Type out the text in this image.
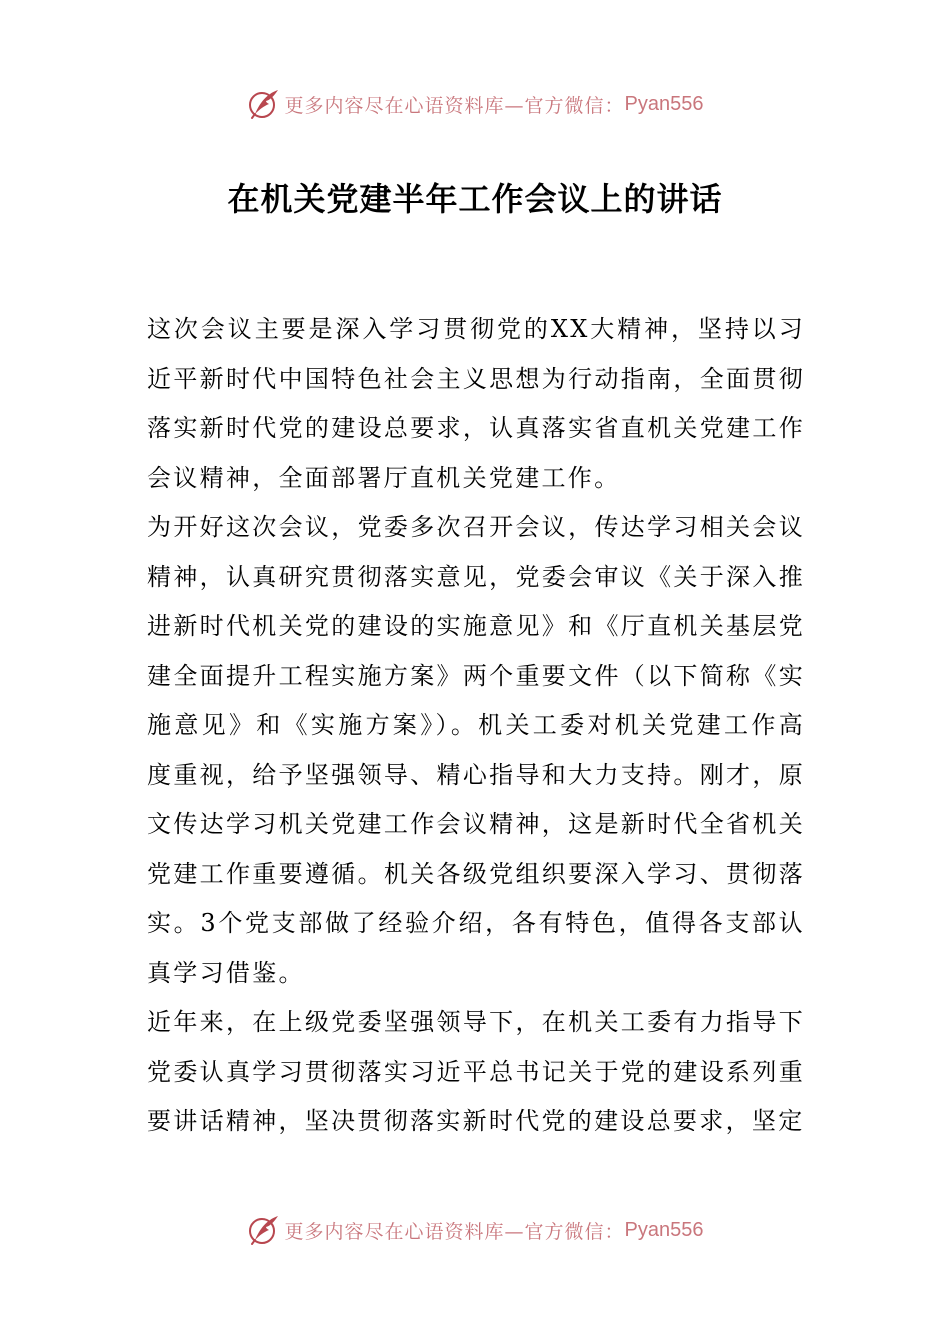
更多内容尽在心语资料库—官方微信： Pyan556
在机关党建半年工作会议上的讲话

这次会议主要是深入学习贯彻党的XX大精神，坚持以习近平新时代中国特色社会主义思想为行动指南，全面贯彻落实新时代党的建设总要求，认真落实省直机关党建工作会议精神，全面部署厅直机关党建工作。

为开好这次会议，党委多次召开会议，传达学习相关会议精神，认真研究贯彻落实意见，党委会审议《关于深入推进新时代机关党的建设的实施意见》和《厅直机关基层党建全面提升工程实施方案》两个重要文件（以下简称《实施意见》和《实施方案》）。机关工委对机关党建工作高度重视，给予坚强领导、精心指导和大力支持。刚才，原文传达学习机关党建工作会议精神，这是新时代全省机关党建工作重要遵循。机关各级党组织要深入学习、贯彻落实。3个党支部做了经验介绍，各有特色，值得各支部认真学习借鉴。

近年来，在上级党委坚强领导下，在机关工委有力指导下党委认真学习贯彻落实习近平总书记关于党的建设系列重要讲话精神，坚决贯彻落实新时代党的建设总要求，坚定

更多内容尽在心语资料库—官方微信： Pyan556
